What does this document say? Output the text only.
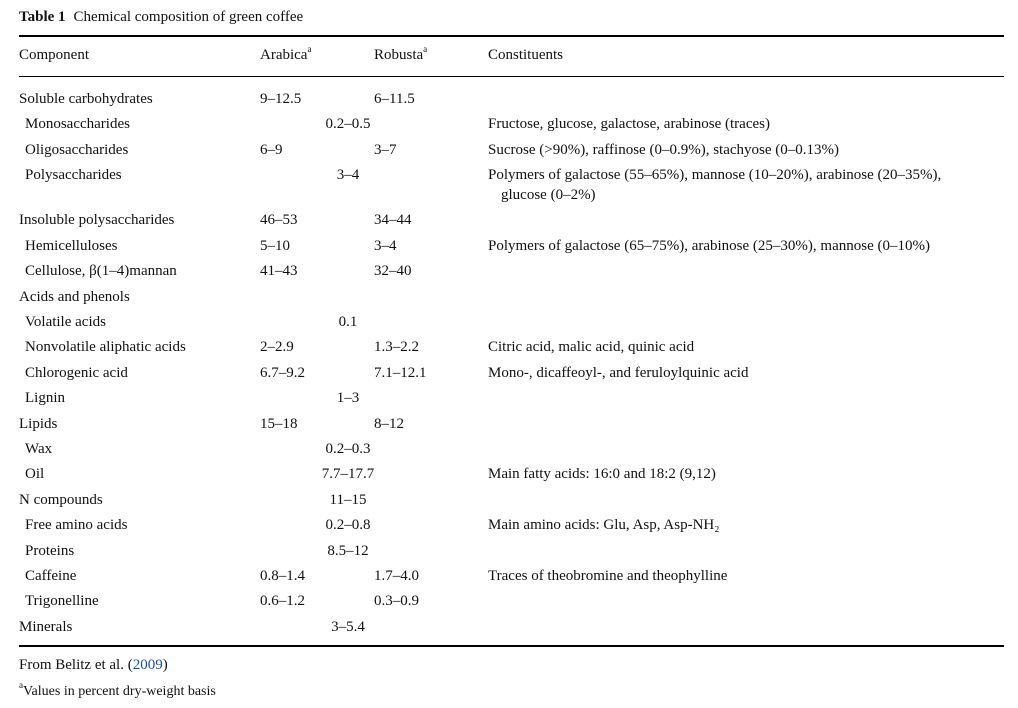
Table 1 Chemical composition of green coffee
Component	Arabica$^a$	Robusta$^a$	Constituents
Soluble carbohydrates	9–12.5	6–11.5
Monosaccharides	0.2–0.5	Fructose, glucose, galactose, arabinose (traces)
Oligosaccharides	6–9	3–7	Sucrose (>90%), raffinose (0–0.9%), stachyose (0–0.13%)
Polysaccharides	3–4	Polymers of galactose (55–65%), mannose (10–20%), arabinose (20–35%),
glucose (0–2%)
Insoluble polysaccharides	46–53	34–44
Hemicelluloses	5–10	3–4	Polymers of galactose (65–75%), arabinose (25–30%), mannose (0–10%)
Cellulose, β(1–4)mannan	41–43	32–40
Acids and phenols
Volatile acids	0.1
Nonvolatile aliphatic acids	2–2.9	1.3–2.2	Citric acid, malic acid, quinic acid
Chlorogenic acid	6.7–9.2	7.1–12.1	Mono-, dicaffeoyl-, and feruloylquinic acid
Lignin	1–3
Lipids	15–18	8–12
Wax	0.2–0.3
Oil	7.7–17.7	Main fatty acids: 16:0 and 18:2 (9,12)
N compounds	11–15
Free amino acids	0.2–0.8	Main amino acids: Glu, Asp, Asp-NH₂
Proteins	8.5–12
Caffeine	0.8–1.4	1.7–4.0	Traces of theobromine and theophylline
Trigonelline	0.6–1.2	0.3–0.9
Minerals	3–5.4
From Belitz et al. (2009)
$^a$Values in percent dry-weight basis
